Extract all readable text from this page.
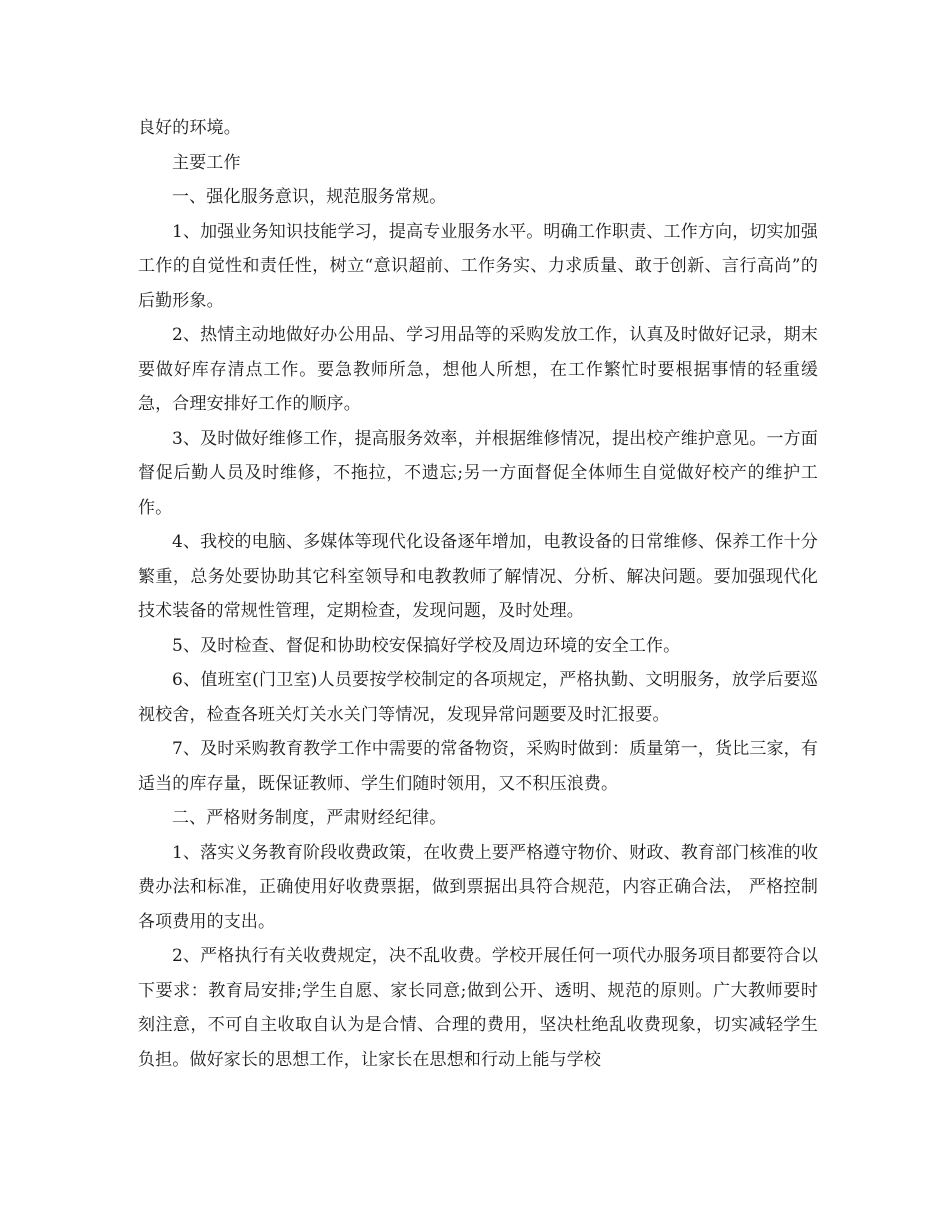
良好的环境。

主要工作

一、强化服务意识，规范服务常规。

1、加强业务知识技能学习，提高专业服务水平。明确工作职责、工作方向，切实加强工作的自觉性和责任性，树立“意识超前、工作务实、力求质量、敢于创新、言行高尚”的后勤形象。

2、热情主动地做好办公用品、学习用品等的采购发放工作，认真及时做好记录，期末要做好库存清点工作。要急教师所急，想他人所想，在工作繁忙时要根据事情的轻重缓急，合理安排好工作的顺序。

3、及时做好维修工作，提高服务效率，并根据维修情况，提出校产维护意见。一方面督促后勤人员及时维修，不拖拉，不遗忘;另一方面督促全体师生自觉做好校产的维护工作。

4、我校的电脑、多媒体等现代化设备逐年增加，电教设备的日常维修、保养工作十分繁重，总务处要协助其它科室领导和电教教师了解情况、分析、解决问题。要加强现代化技术装备的常规性管理，定期检查，发现问题，及时处理。

5、及时检查、督促和协助校安保搞好学校及周边环境的安全工作。

6、值班室(门卫室)人员要按学校制定的各项规定，严格执勤、文明服务，放学后要巡视校舍，检查各班关灯关水关门等情况，发现异常问题要及时汇报要。

7、及时采购教育教学工作中需要的常备物资，采购时做到：质量第一，货比三家，有适当的库存量，既保证教师、学生们随时领用，又不积压浪费。

二、严格财务制度，严肃财经纪律。

1、落实义务教育阶段收费政策，在收费上要严格遵守物价、财政、教育部门核准的收费办法和标准，正确使用好收费票据，做到票据出具符合规范，内容正确合法， 严格控制各项费用的支出。

2、严格执行有关收费规定，决不乱收费。学校开展任何一项代办服务项目都要符合以下要求：教育局安排;学生自愿、家长同意;做到公开、透明、规范的原则。广大教师要时刻注意，不可自主收取自认为是合情、合理的费用，坚决杜绝乱收费现象，切实减轻学生负担。做好家长的思想工作，让家长在思想和行动上能与学校
